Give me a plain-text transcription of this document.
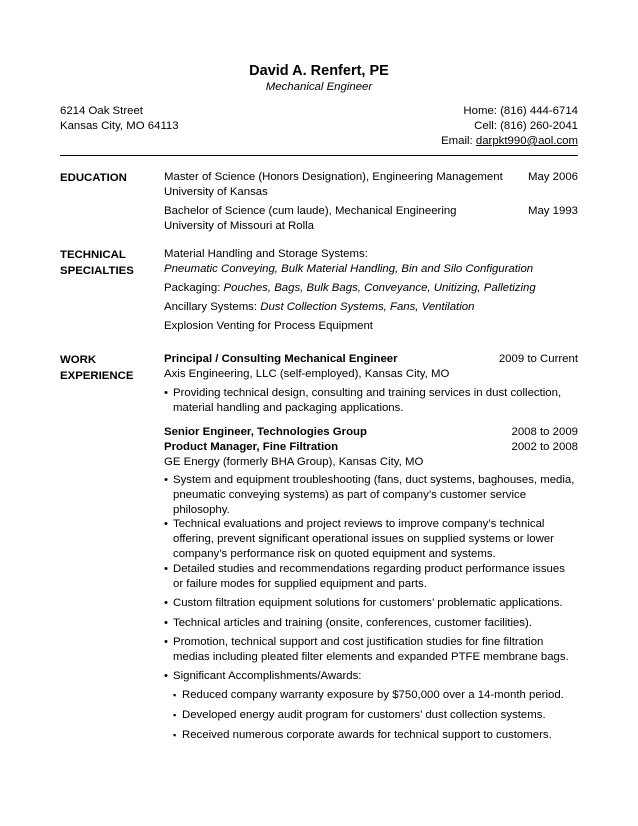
David A. Renfert, PE
Mechanical Engineer
6214 Oak Street
Kansas City, MO 64113
Home: (816) 444-6714
Cell: (816) 260-2041
Email: darpkt990@aol.com
EDUCATION	Master of Science (Honors Designation), Engineering Management May 2006
University of Kansas
Bachelor of Science (cum laude), Mechanical Engineering	May 1993
University of Missouri at Rolla
TECHNICAL
SPECIALTIES
Material Handling and Storage Systems:
Pneumatic Conveying, Bulk Material Handling, Bin and Silo Configuration
Packaging: Pouches, Bags, Bulk Bags, Conveyance, Unitizing, Palletizing
Ancillary Systems: Dust Collection Systems, Fans, Ventilation
Explosion Venting for Process Equipment
WORK
EXPERIENCE
Principal / Consulting Mechanical Engineer	2009 to Current
Axis Engineering, LLC (self-employed), Kansas City, MO
• Providing technical design, consulting and training services in dust collection, material handling and packaging applications.
Senior Engineer, Technologies Group	2008 to 2009
Product Manager, Fine Filtration	2002 to 2008
GE Energy (formerly BHA Group), Kansas City, MO
• System and equipment troubleshooting (fans, duct systems, baghouses, media, pneumatic conveying systems) as part of company’s customer service philosophy.
• Technical evaluations and project reviews to improve company’s technical offering, prevent significant operational issues on supplied systems or lower company’s performance risk on quoted equipment and systems.
• Detailed studies and recommendations regarding product performance issues or failure modes for supplied equipment and parts.
• Custom filtration equipment solutions for customers’ problematic applications.
• Technical articles and training (onsite, conferences, customer facilities).
• Promotion, technical support and cost justification studies for fine filtration medias including pleated filter elements and expanded PTFE membrane bags.
• Significant Accomplishments/Awards:
▪ Reduced company warranty exposure by $750,000 over a 14-month period.
▪ Developed energy audit program for customers’ dust collection systems.
▪ Received numerous corporate awards for technical support to customers.
